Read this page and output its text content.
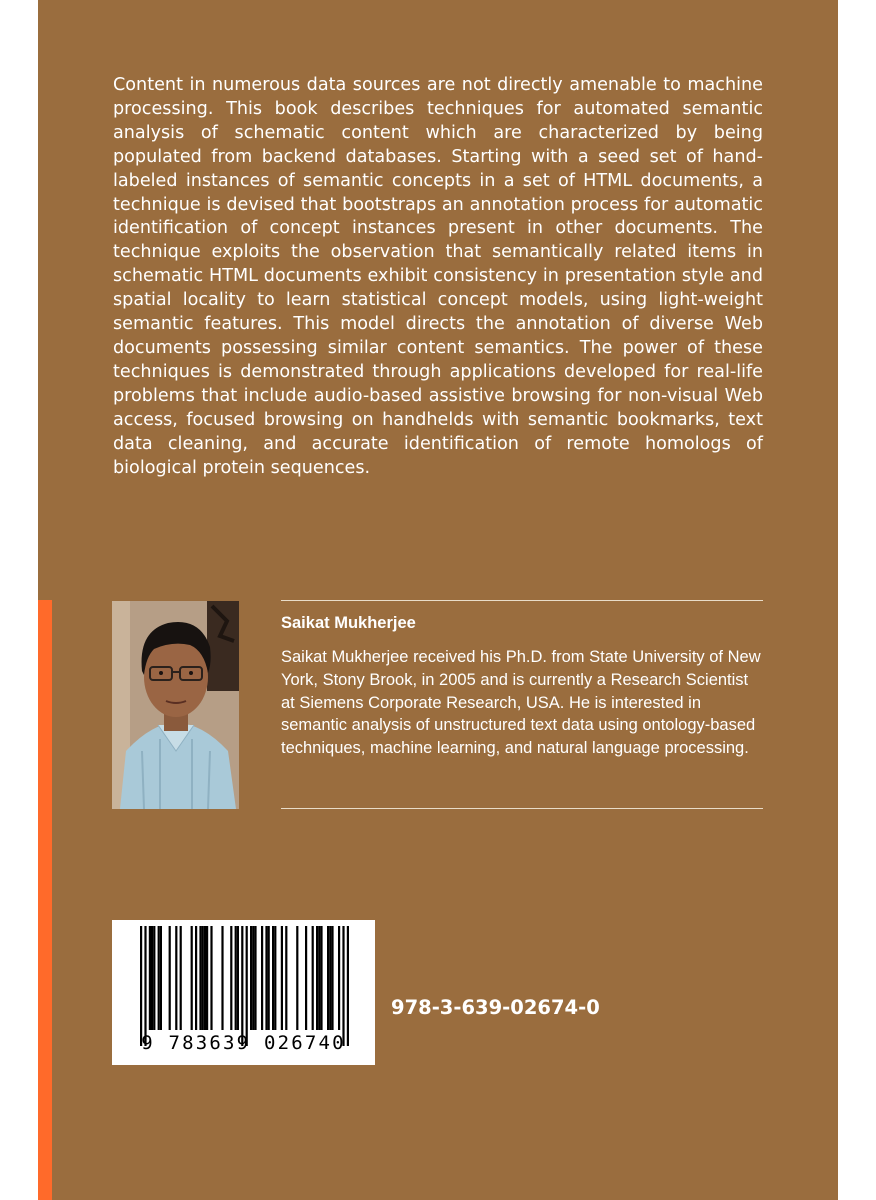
Content in numerous data sources are not directly amenable to machine processing. This book describes techniques for automated semantic analysis of schematic content which are characterized by being populated from backend databases. Starting with a seed set of hand-labeled instances of semantic concepts in a set of HTML documents, a technique is devised that bootstraps an annotation process for automatic identification of concept instances present in other documents. The technique exploits the observation that semantically related items in schematic HTML documents exhibit consistency in presentation style and spatial locality to learn statistical concept models, using light-weight semantic features. This model directs the annotation of diverse Web documents possessing similar content semantics. The power of these techniques is demonstrated through applications developed for real-life problems that include audio-based assistive browsing for non-visual Web access, focused browsing on handhelds with semantic bookmarks, text data cleaning, and accurate identification of remote homologs of biological protein sequences.

Saikat Mukherjee

Saikat Mukherjee received his Ph.D. from State University of New York, Stony Brook, in 2005 and is currently a Research Scientist at Siemens Corporate Research, USA. He is interested in semantic analysis of unstructured text data using ontology-based techniques, machine learning, and natural language processing.

9 783639 026740
978-3-639-02674-0
